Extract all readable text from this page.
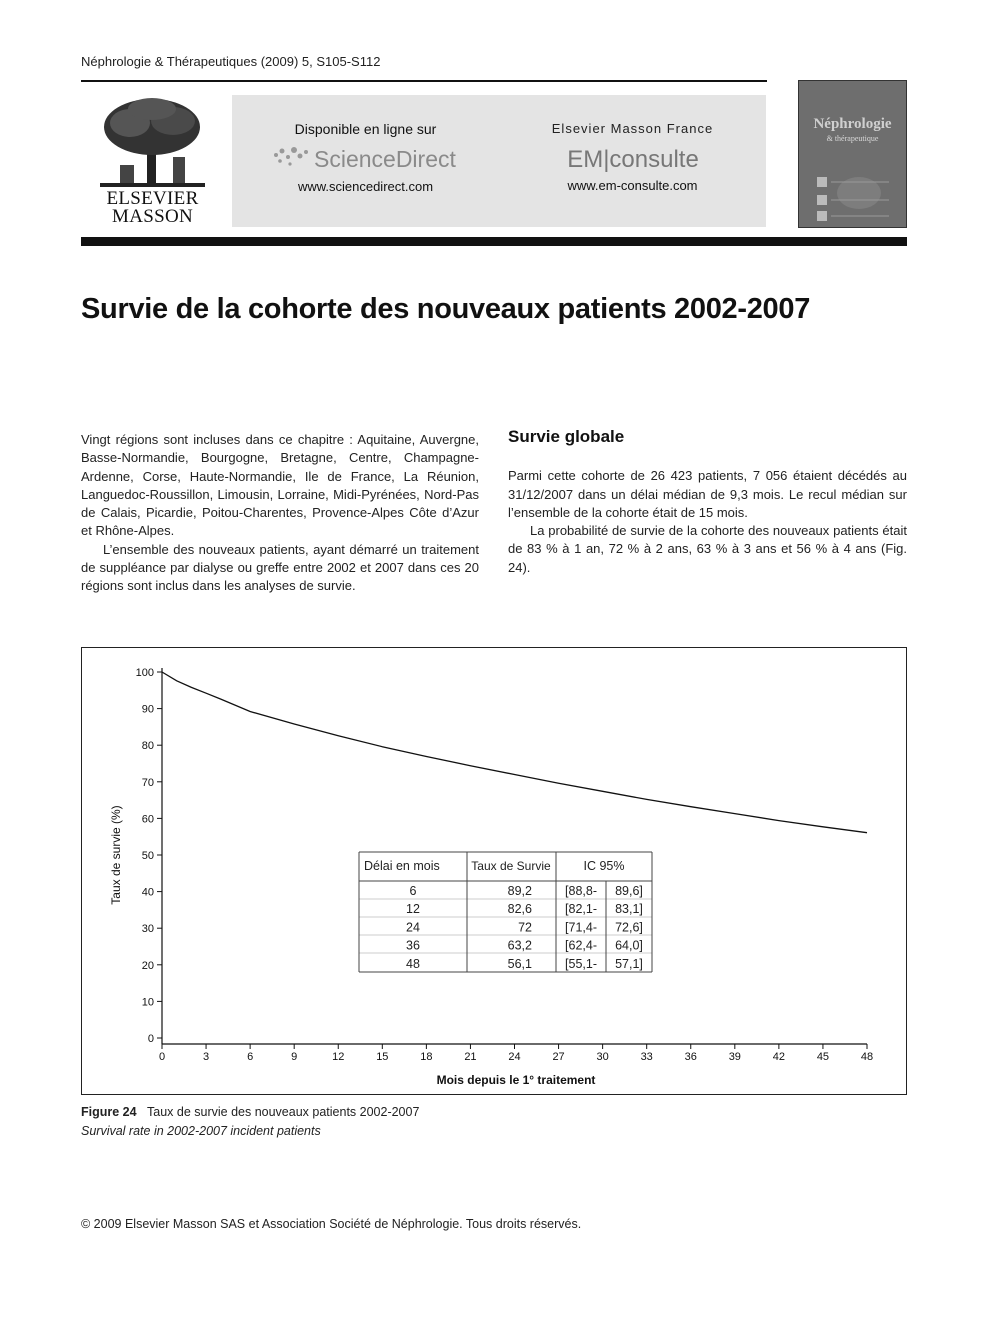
Néphrologie & Thérapeutiques (2009) 5, S105-S112
ELSEVIER MASSON
Disponible en ligne sur
ScienceDirect
www.sciencedirect.com
Elsevier Masson France
EM|consulte
www.em-consulte.com
Néphrologie
& thérapeutique
Survie de la cohorte des nouveaux patients 2002-2007

Vingt régions sont incluses dans ce chapitre : Aquitaine, Auvergne, Basse-Normandie, Bourgogne, Bretagne, Centre, Champagne-Ardenne, Corse, Haute-Normandie, Ile de France, La Réunion, Languedoc-Roussillon, Limousin, Lorraine, Midi-Pyrénées, Nord-Pas de Calais, Picardie, Poitou-Charentes, Provence-Alpes Côte d’Azur et Rhône-Alpes.

L’ensemble des nouveaux patients, ayant démarré un traitement de suppléance par dialyse ou greffe entre 2002 et 2007 dans ces 20 régions sont inclus dans les analyses de survie.

Survie globale

Parmi cette cohorte de 26 423 patients, 7 056 étaient décédés au 31/12/2007 dans un délai médian de 9,3 mois. Le recul médian sur l’ensemble de la cohorte était de 15 mois.

La probabilité de survie de la cohorte des nouveaux patients était de 83 % à 1 an, 72 % à 2 ans, 63 % à 3 ans et 56 % à 4 ans (Fig. 24).

0
10
20
30
40
50
60
70
80
90
100
0	3	6	9	12	15	18	21	24	27	30	33	36	39	42	45	48
Mois depuis le 1° traitement
Taux de survie (%)	Délai en mois	Taux de Survie	IC 95%
6	89,2	[88,8- 89,6]
12	82,6	[82,1- 83,1]
24	72	[71,4- 72,6]
36	63,2	[62,4- 64,0]
48	56,1	[55,1- 57,1]
Figure 24 Taux de survie des nouveaux patients 2002-2007
Survival rate in 2002-2007 incident patients
© 2009 Elsevier Masson SAS et Association Société de Néphrologie. Tous droits réservés.
